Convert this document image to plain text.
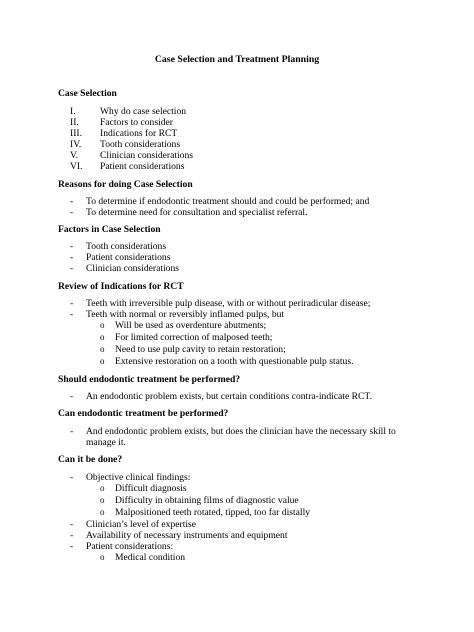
Case Selection and Treatment Planning
Case Selection
I.	Why do case selection
II. Factors to consider
III. Indications for RCT
IV. Tooth considerations
V. Clinician considerations
VI. Patient considerations
Reasons for doing Case Selection
- To determine if endodontic treatment should and could be performed; and
- To determine need for consultation and specialist referral.
Factors in Case Selection
- Tooth considerations
- Patient considerations
- Clinician considerations
Review of Indications for RCT
- Teeth with irreversible pulp disease, with or without periradicular disease;
- Teeth with normal or reversibly inflamed pulps, but
o Will be used as overdenture abutments;
o For limited correction of malposed teeth;
o Need to use pulp cavity to retain restoration;
o Extensive restoration on a tooth with questionable pulp status.
Should endodontic treatment be performed?
- An endodontic problem exists, but certain conditions contra-indicate RCT.
Can endodontic treatment be performed?
- And endodontic problem exists, but does the clinician have the necessary skill to manage it.
Can it be done?
- Objective clinical findings:
o Difficult diagnosis
o Difficulty in obtaining films of diagnostic value
o Malpositioned teeth rotated, tipped, too far distally
- Clinician’s level of expertise
- Availability of necessary instruments and equipment
- Patient considerations:
o Medical condition
